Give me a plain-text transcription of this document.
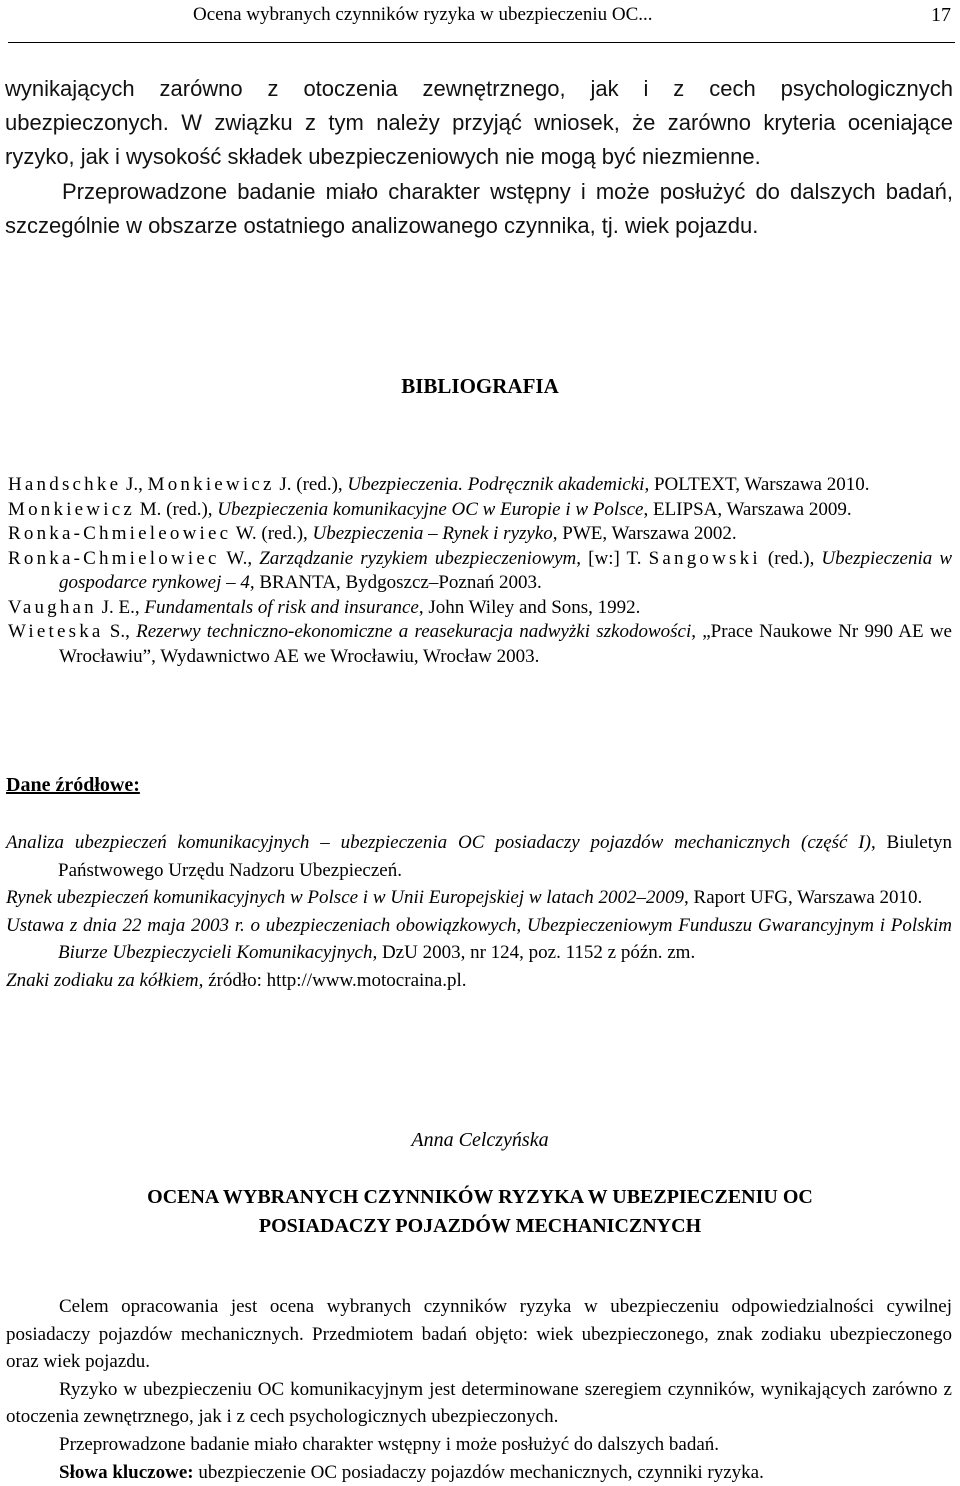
Ocena wybranych czynników ryzyka w ubezpieczeniu OC...	17

wynikających zarówno z otoczenia zewnętrznego, jak i z cech psychologicznych ubezpieczonych. W związku z tym należy przyjąć wniosek, że zarówno kryteria oceniające ryzyko, jak i wysokość składek ubezpieczeniowych nie mogą być niezmienne.

Przeprowadzone badanie miało charakter wstępny i może posłużyć do dalszych badań, szczególnie w obszarze ostatniego analizowanego czynnika, tj. wiek pojazdu.

BIBLIOGRAFIA
Handschke J., Monkiewicz J. (red.), Ubezpieczenia. Podręcznik akademicki, POLTEXT, Warszawa 2010.
Monkiewicz M. (red.), Ubezpieczenia komunikacyjne OC w Europie i w Polsce, ELIPSA, Warszawa 2009.
Ronka-Chmieleowiec W. (red.), Ubezpieczenia – Rynek i ryzyko, PWE, Warszawa 2002.
Ronka-Chmielowiec W., Zarządzanie ryzykiem ubezpieczeniowym, [w:] T. Sangowski (red.), Ubezpieczenia w gospodarce rynkowej – 4, BRANTA, Bydgoszcz–Poznań 2003.
Vaughan J. E., Fundamentals of risk and insurance, John Wiley and Sons, 1992.
Wieteska S., Rezerwy techniczno-ekonomiczne a reasekuracja nadwyżki szkodowości, „Prace Naukowe Nr 990 AE we Wrocławiu”, Wydawnictwo AE we Wrocławiu, Wrocław 2003.
Dane źródłowe:
Analiza ubezpieczeń komunikacyjnych – ubezpieczenia OC posiadaczy pojazdów mechanicznych (część I), Biuletyn Państwowego Urzędu Nadzoru Ubezpieczeń.
Rynek ubezpieczeń komunikacyjnych w Polsce i w Unii Europejskiej w latach 2002–2009, Raport UFG, Warszawa 2010.
Ustawa z dnia 22 maja 2003 r. o ubezpieczeniach obowiązkowych, Ubezpieczeniowym Funduszu Gwarancyjnym i Polskim Biurze Ubezpieczycieli Komunikacyjnych, DzU 2003, nr 124, poz. 1152 z późn. zm.
Znaki zodiaku za kółkiem, źródło: http://www.motocraina.pl.
Anna Celczyńska
OCENA WYBRANYCH CZYNNIKÓW RYZYKA W UBEZPIECZENIU OC
POSIADACZY POJAZDÓW MECHANICZNYCH

Celem opracowania jest ocena wybranych czynników ryzyka w ubezpieczeniu odpowiedzialności cywilnej posiadaczy pojazdów mechanicznych. Przedmiotem badań objęto: wiek ubezpieczonego, znak zodiaku ubezpieczonego oraz wiek pojazdu.

Ryzyko w ubezpieczeniu OC komunikacyjnym jest determinowane szeregiem czynników, wynikających zarówno z otoczenia zewnętrznego, jak i z cech psychologicznych ubezpieczonych.

Przeprowadzone badanie miało charakter wstępny i może posłużyć do dalszych badań.

Słowa kluczowe: ubezpieczenie OC posiadaczy pojazdów mechanicznych, czynniki ryzyka.
